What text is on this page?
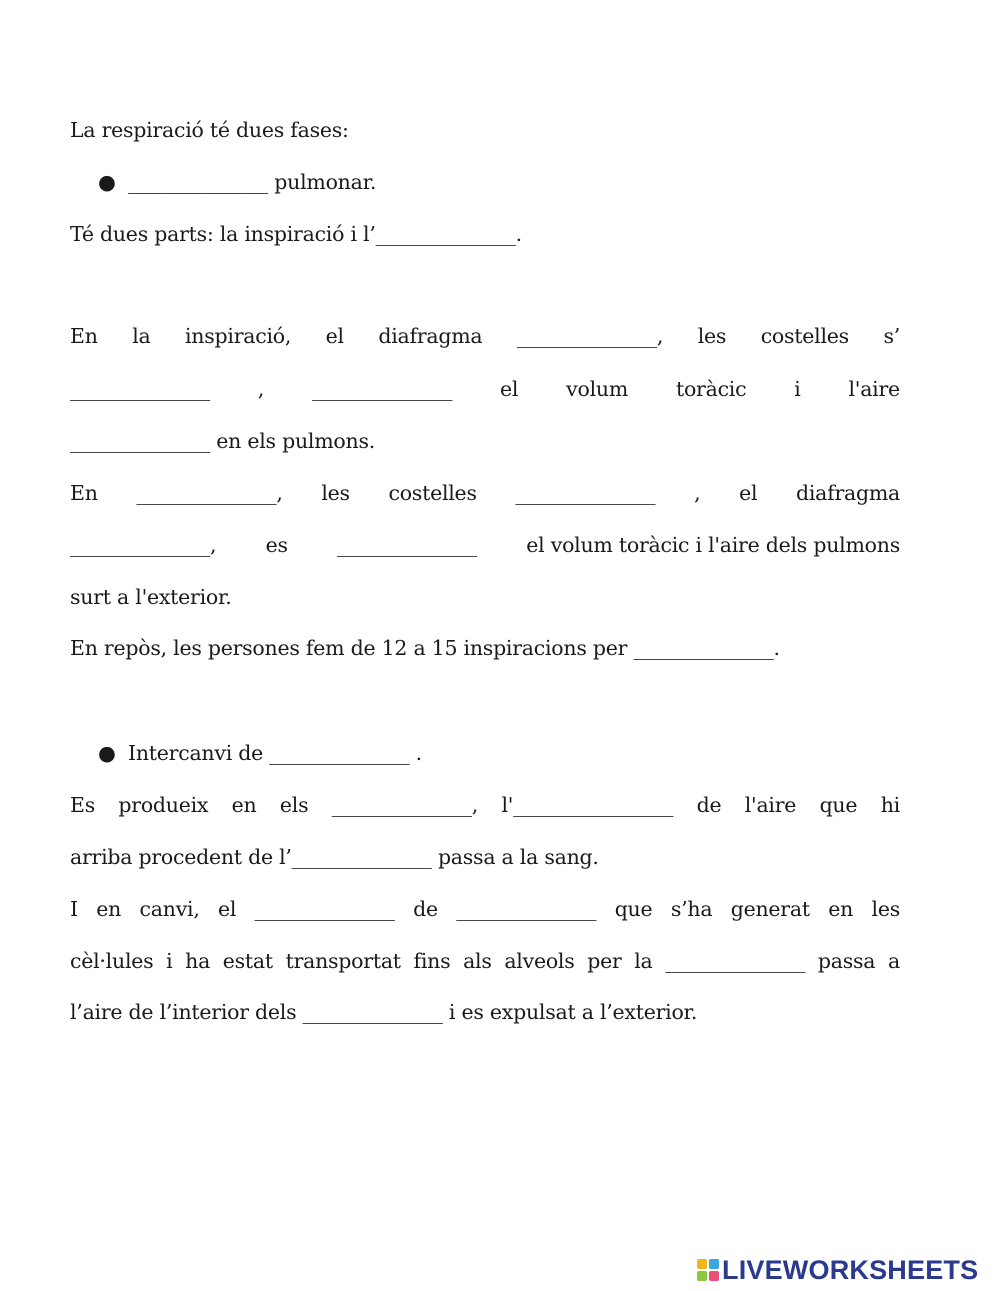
La respiració té dues fases:
● ______________ pulmonar.
Té dues parts: la inspiració i l’______________.
En la inspiració, el diafragma ______________, les costelles s’
______________ , ______________ el volum toràcic i l'aire
______________ en els pulmons.
En ______________, les costelles ______________ , el diafragma
______________, es ______________ el volum toràcic i l'aire dels pulmons
surt a l'exterior.
En repòs, les persones fem de 12 a 15 inspiracions per ______________.
● Intercanvi de ______________ .
Es produeix en els ______________, l'________________ de l'aire que hi
arriba procedent de l’______________ passa a la sang.
I en canvi, el ______________ de ______________ que s’ha generat en les
cèl·lules i ha estat transportat fins als alveols per la ______________ passa a
l’aire de l’interior dels ______________ i es expulsat a l’exterior.
LIVEWORKSHEETS
